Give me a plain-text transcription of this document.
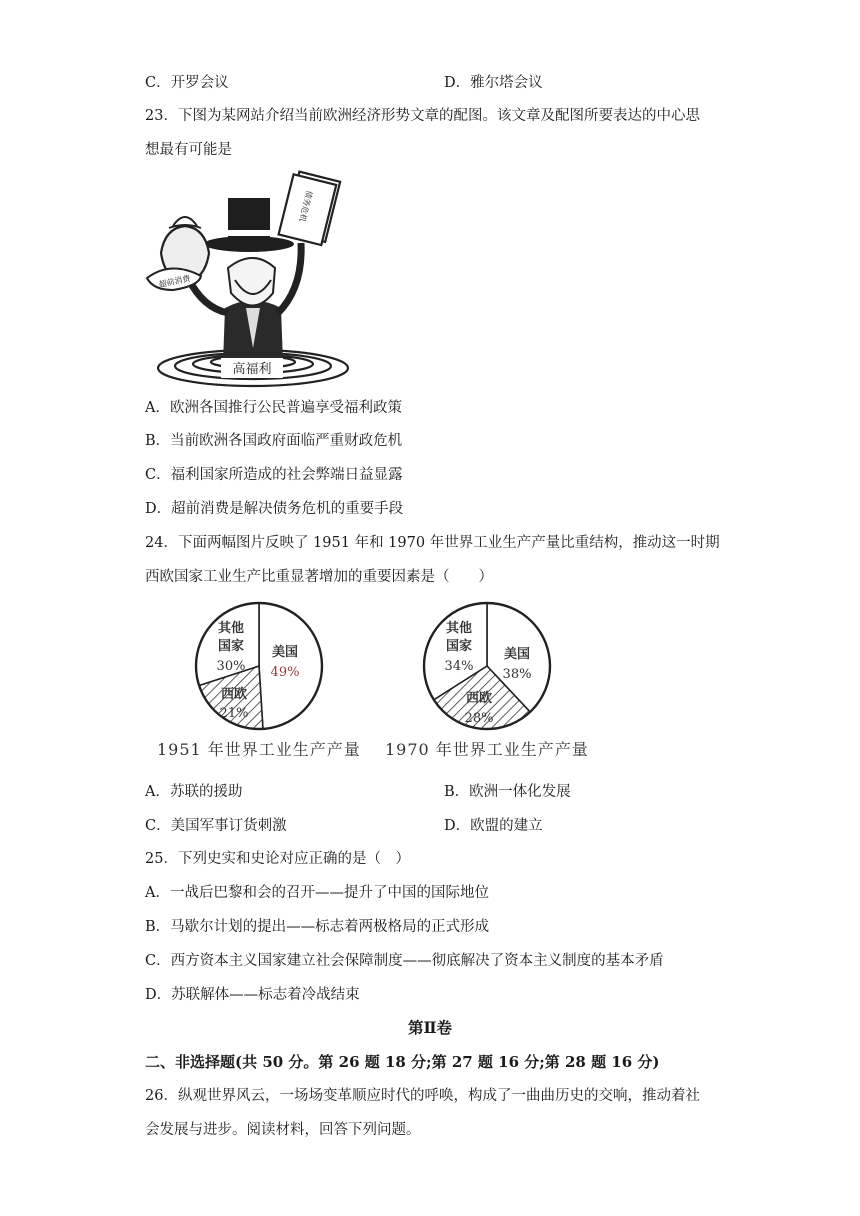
C．开罗会议	D．雅尔塔会议
23．下图为某网站介绍当前欧洲经济形势文章的配图。该文章及配图所要表达的中心思
想最有可能是
高福利
超前消费
债务危机
A．欧洲各国推行公民普遍享受福利政策
B．当前欧洲各国政府面临严重财政危机
C．福利国家所造成的社会弊端日益显露
D．超前消费是解决债务危机的重要手段
24．下面两幅图片反映了 1951 年和 1970 年世界工业生产产量比重结构，推动这一时期
西欧国家工业生产比重显著增加的重要因素是（　　）
美国
49%
西欧
21%
其他
国家
30%
1951 年世界工业生产产量
美国
38%
西欧
28%
其他
国家
34%
1970 年世界工业生产产量
A．苏联的援助	B．欧洲一体化发展
C．美国军事订货刺激	D．欧盟的建立
25．下列史实和史论对应正确的是（　）
A．一战后巴黎和会的召开——提升了中国的国际地位
B．马歇尔计划的提出——标志着两极格局的正式形成
C．西方资本主义国家建立社会保障制度——彻底解决了资本主义制度的基本矛盾
D．苏联解体——标志着冷战结束
第Ⅱ卷
二、非选择题(共 50 分。第 26 题 18 分;第 27 题 16 分;第 28 题 16 分)
26．纵观世界风云，一场场变革顺应时代的呼唤，构成了一曲曲历史的交响，推动着社
会发展与进步。阅读材料，回答下列问题。
